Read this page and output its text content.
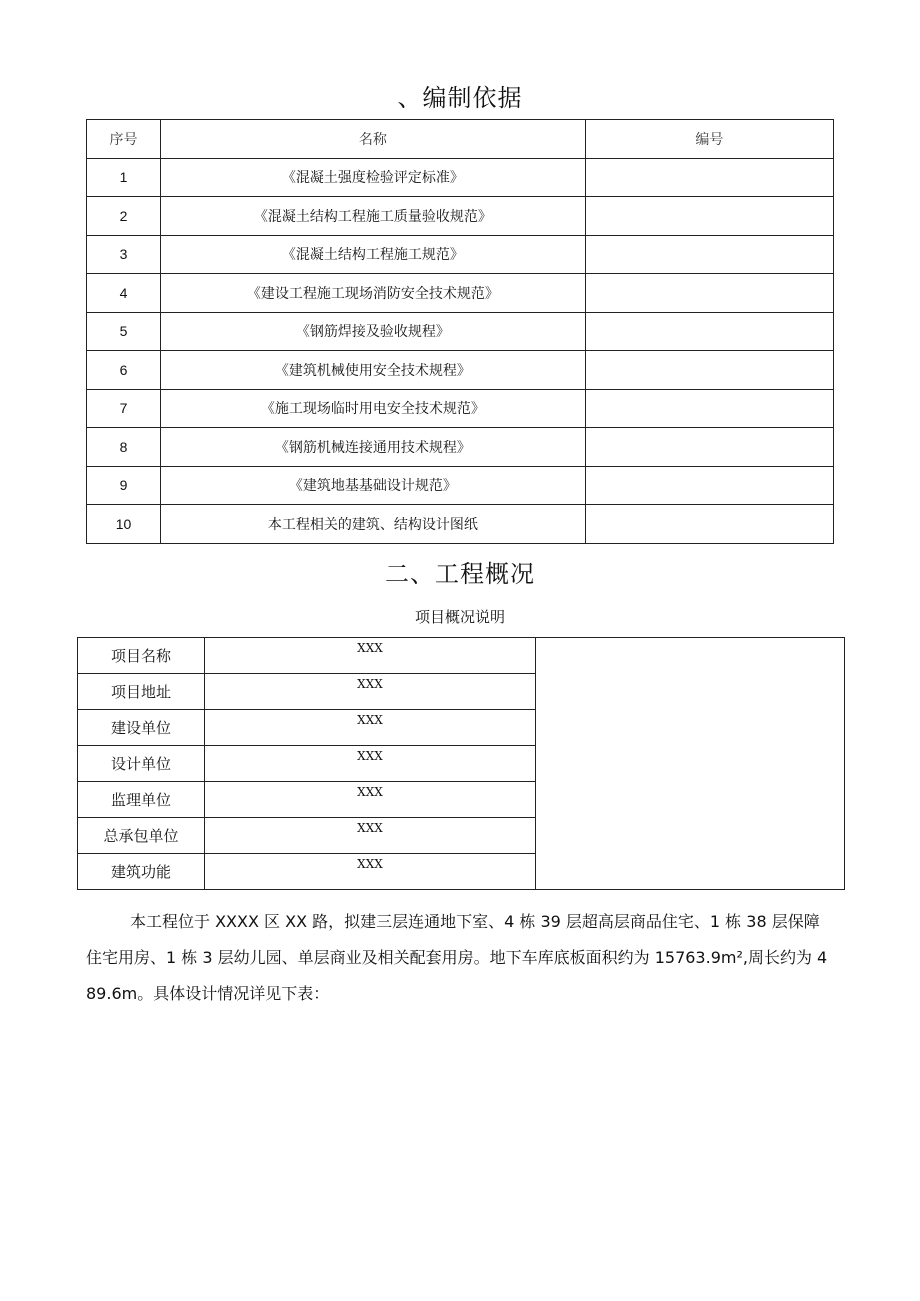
、编制依据
序号	名称	编号
1	《混凝土强度检验评定标准》	
2	《混凝土结构工程施工质量验收规范》	
3	《混凝土结构工程施工规范》	
4	《建设工程施工现场消防安全技术规范》	
5	《钢筋焊接及验收规程》	
6	《建筑机械使用安全技术规程》	
7	《施工现场临时用电安全技术规范》	
8	《钢筋机械连接通用技术规程》	
9	《建筑地基基础设计规范》	
10	本工程相关的建筑、结构设计图纸	
二、工程概况
项目概况说明
项目名称	XXX	
项目地址	XXX	
建设单位	XXX	
设计单位	XXX	
监理单位	XXX	
总承包单位	XXX	
建筑功能	XXX	

本工程位于 XXXX 区 XX 路，拟建三层连通地下室、4 栋 39 层超高层商品住宅、1 栋 38 层保障住宅用房、1 栋 3 层幼儿园、单层商业及相关配套用房。地下车库底板面积约为 15763.9m²,周长约为 489.6m。具体设计情况详见下表：
